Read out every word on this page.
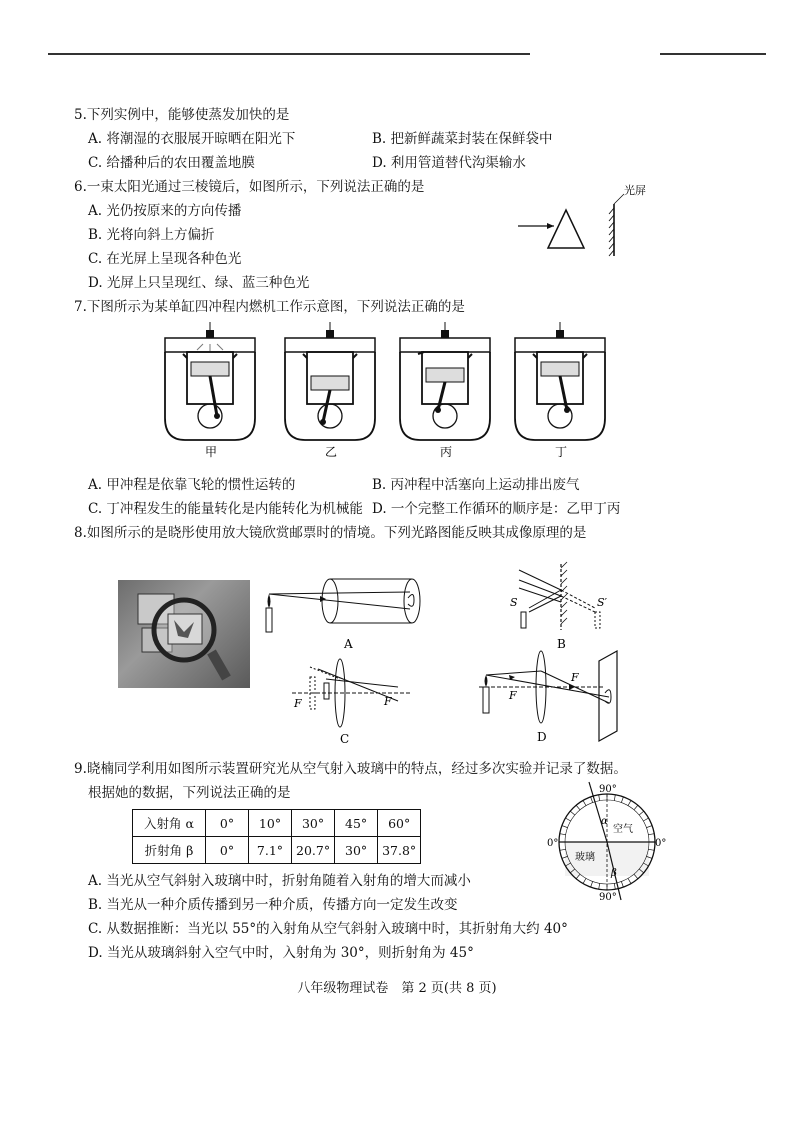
5.下列实例中，能够使蒸发加快的是
A. 将潮湿的衣服展开晾晒在阳光下	B. 把新鲜蔬菜封装在保鲜袋中
C. 给播种后的农田覆盖地膜	D. 利用管道替代沟渠输水
6.一束太阳光通过三棱镜后，如图所示，下列说法正确的是
A. 光仍按原来的方向传播
B. 光将向斜上方偏折
C. 在光屏上呈现各种色光
D. 光屏上只呈现红、绿、蓝三种色光
光屏
7.下图所示为某单缸四冲程内燃机工作示意图，下列说法正确的是
甲	乙	丙	丁
A. 甲冲程是依靠飞轮的惯性运转的	B. 丙冲程中活塞向上运动排出废气
C. 丁冲程发生的能量转化是内能转化为机械能 D. 一个完整工作循环的顺序是：乙甲丁丙
8.如图所示的是晓彤使用放大镜欣赏邮票时的情境。下列光路图能反映其成像原理的是
A
S	S′
B
F	F
C
F
F
D
9.晓楠同学利用如图所示装置研究光从空气射入玻璃中的特点，经过多次实验并记录了数据。
根据她的数据，下列说法正确的是
入射角 α	0°	10°	30°	45°	60°
折射角 β	0°	7.1°	20.7°	30°	37.8°
90°
90°
0°	0°
空气
玻璃
α
β
A. 当光从空气斜射入玻璃中时，折射角随着入射角的增大而减小
B. 当光从一种介质传播到另一种介质，传播方向一定发生改变
C. 从数据推断：当光以 55°的入射角从空气斜射入玻璃中时，其折射角大约 40°
D. 当光从玻璃斜射入空气中时，入射角为 30°，则折射角为 45°
八年级物理试卷　第 2 页(共 8 页)
